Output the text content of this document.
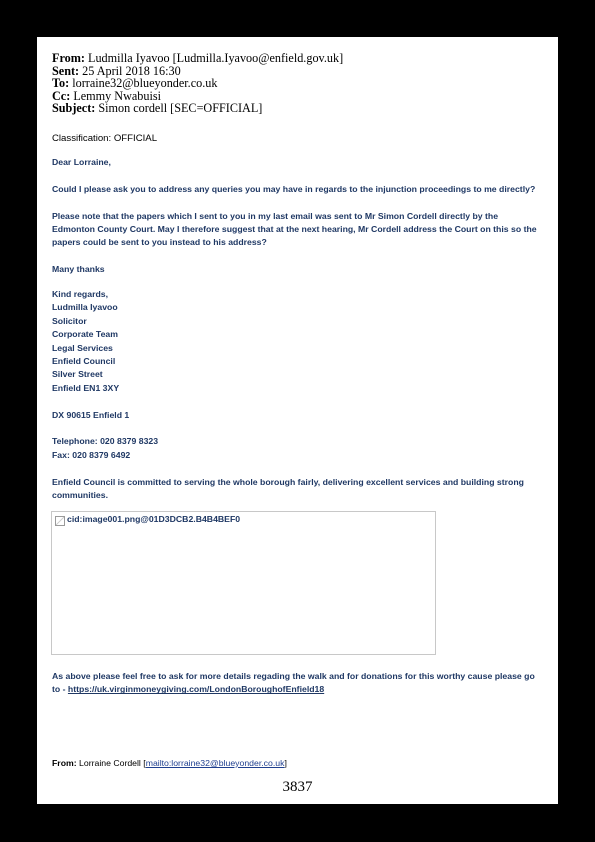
From: Ludmilla Iyavoo [Ludmilla.Iyavoo@enfield.gov.uk]
Sent: 25 April 2018 16:30
To: lorraine32@blueyonder.co.uk
Cc: Lemmy Nwabuisi
Subject: Simon cordell [SEC=OFFICIAL]
Classification: OFFICIAL

Dear Lorraine,

Could I please ask you to address any queries you may have in regards to the injunction proceedings to me directly?

Please note that the papers which I sent to you in my last email was sent to Mr Simon Cordell directly by the Edmonton County Court. May I therefore suggest that at the next hearing, Mr Cordell address the Court on this so the papers could be sent to you instead to his address?

Many thanks

Kind regards,
Ludmilla Iyavoo
Solicitor
Corporate Team
Legal Services
Enfield Council
Silver Street
Enfield EN1 3XY

DX 90615 Enfield 1

Telephone: 020 8379 8323

Fax: 020 8379 6492

Enfield Council is committed to serving the whole borough fairly, delivering excellent services and building strong communities.

cid:image001.png@01D3DCB2.B4B4BEF0
As above please feel free to ask for more details regading the walk and for donations for this worthy cause please go to - https://uk.virginmoneygiving.com/LondonBoroughofEnfield18
From: Lorraine Cordell [mailto:lorraine32@blueyonder.co.uk]
3837
